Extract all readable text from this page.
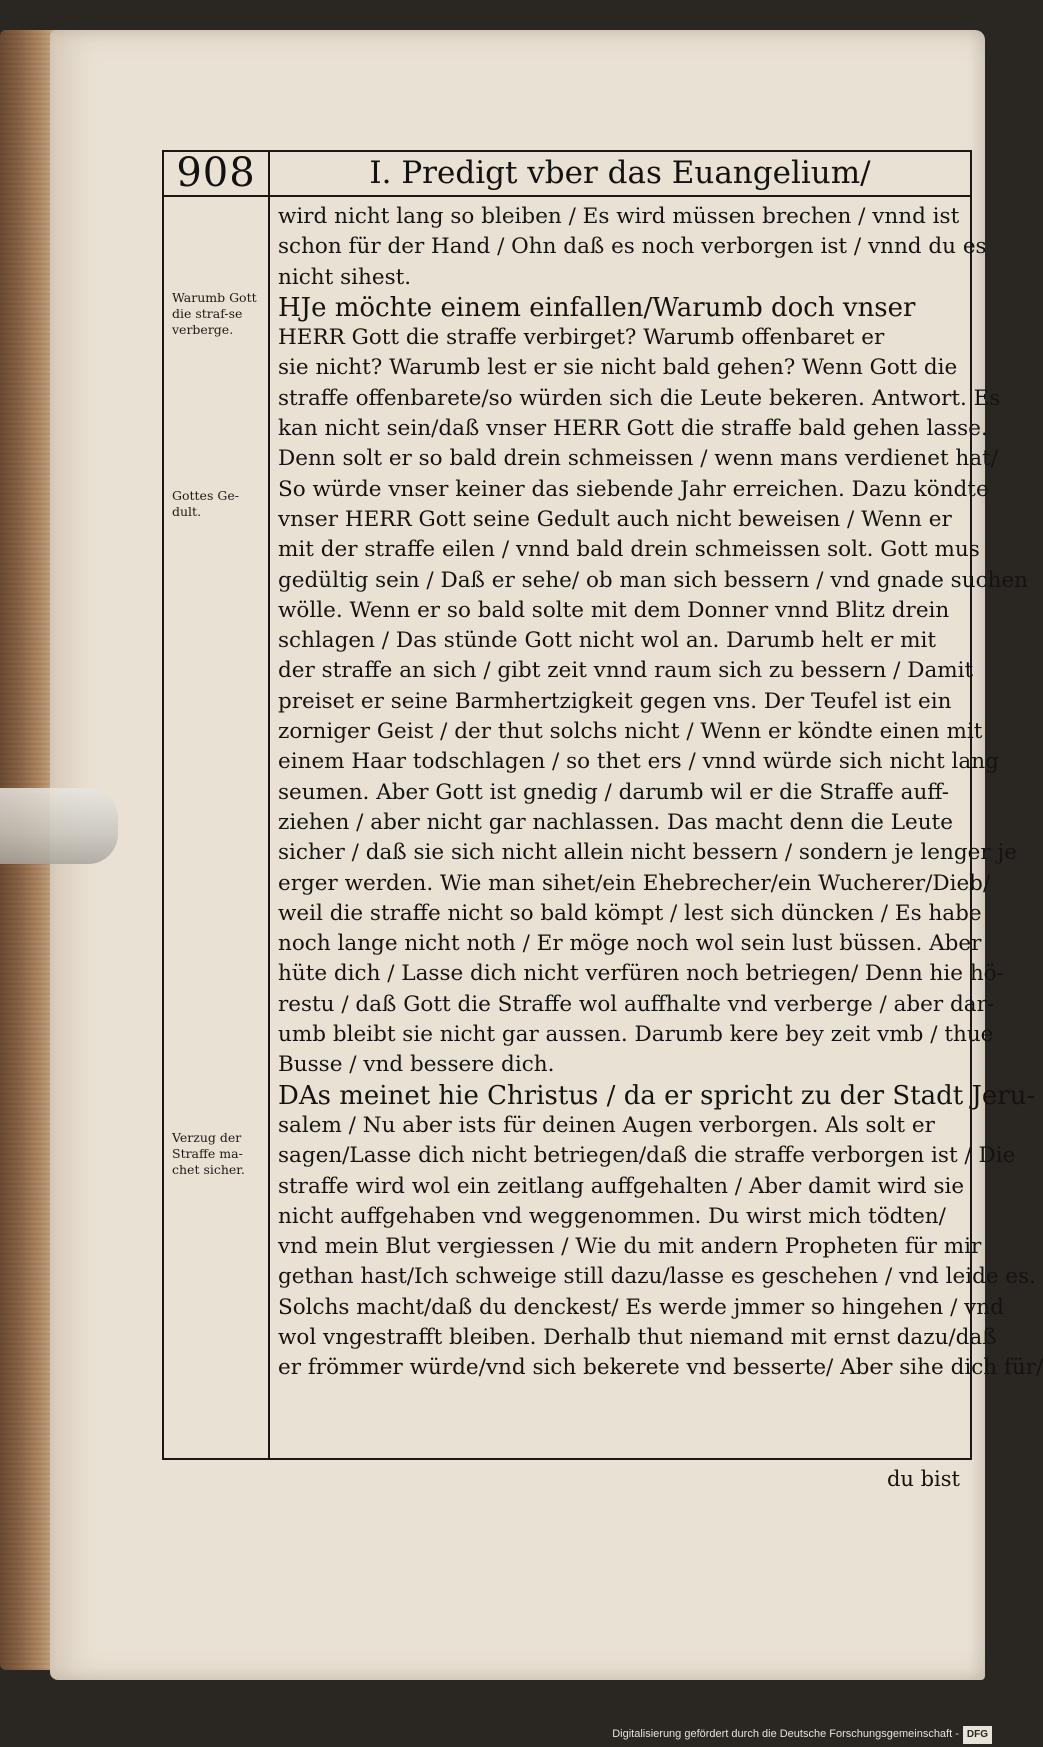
908	I. Predigt vber das Euangelium/
Warumb Gott die straf-se verberge.
Gottes Ge-dult.
Verzug der Straffe ma-chet sicher.
wird nicht lang so bleiben / Es wird müssen brechen / vnnd ist
schon für der Hand / Ohn daß es noch verborgen ist / vnnd du es
nicht sihest.
HJe möchte einem einfallen/Warumb doch vnser
HERR Gott die straffe verbirget? Warumb offenbaret er
sie nicht? Warumb lest er sie nicht bald gehen? Wenn Gott die
straffe offenbarete/so würden sich die Leute bekeren. Antwort. Es
kan nicht sein/daß vnser HERR Gott die straffe bald gehen lasse.
Denn solt er so bald drein schmeissen / wenn mans verdienet hat/
So würde vnser keiner das siebende Jahr erreichen. Dazu köndte
vnser HERR Gott seine Gedult auch nicht beweisen / Wenn er
mit der straffe eilen / vnnd bald drein schmeissen solt. Gott mus
gedültig sein / Daß er sehe/ ob man sich bessern / vnd gnade suchen
wölle. Wenn er so bald solte mit dem Donner vnnd Blitz drein
schlagen / Das stünde Gott nicht wol an. Darumb helt er mit
der straffe an sich / gibt zeit vnnd raum sich zu bessern / Damit
preiset er seine Barmhertzigkeit gegen vns. Der Teufel ist ein
zorniger Geist / der thut solchs nicht / Wenn er köndte einen mit
einem Haar todschlagen / so thet ers / vnnd würde sich nicht lang
seumen. Aber Gott ist gnedig / darumb wil er die Straffe auff-
ziehen / aber nicht gar nachlassen. Das macht denn die Leute
sicher / daß sie sich nicht allein nicht bessern / sondern je lenger je
erger werden. Wie man sihet/ein Ehebrecher/ein Wucherer/Dieb/
weil die straffe nicht so bald kömpt / lest sich düncken / Es habe
noch lange nicht noth / Er möge noch wol sein lust büssen. Aber
hüte dich / Lasse dich nicht verfüren noch betriegen/ Denn hie hö-
restu / daß Gott die Straffe wol auffhalte vnd verberge / aber dar-
umb bleibt sie nicht gar aussen. Darumb kere bey zeit vmb / thue
Busse / vnd bessere dich.
DAs meinet hie Christus / da er spricht zu der Stadt Jeru-
salem / Nu aber ists für deinen Augen verborgen. Als solt er
sagen/Lasse dich nicht betriegen/daß die straffe verborgen ist / Die
straffe wird wol ein zeitlang auffgehalten / Aber damit wird sie
nicht auffgehaben vnd weggenommen. Du wirst mich tödten/
vnd mein Blut vergiessen / Wie du mit andern Propheten für mir
gethan hast/Ich schweige still dazu/lasse es geschehen / vnd leide es.
Solchs macht/daß du denckest/ Es werde jmmer so hingehen / vnd
wol vngestrafft bleiben. Derhalb thut niemand mit ernst dazu/daß
er frömmer würde/vnd sich bekerete vnd besserte/ Aber sihe dich für/
du bist
Digitalisierung gefördert durch die Deutsche Forschungsgemeinschaft - DFG
